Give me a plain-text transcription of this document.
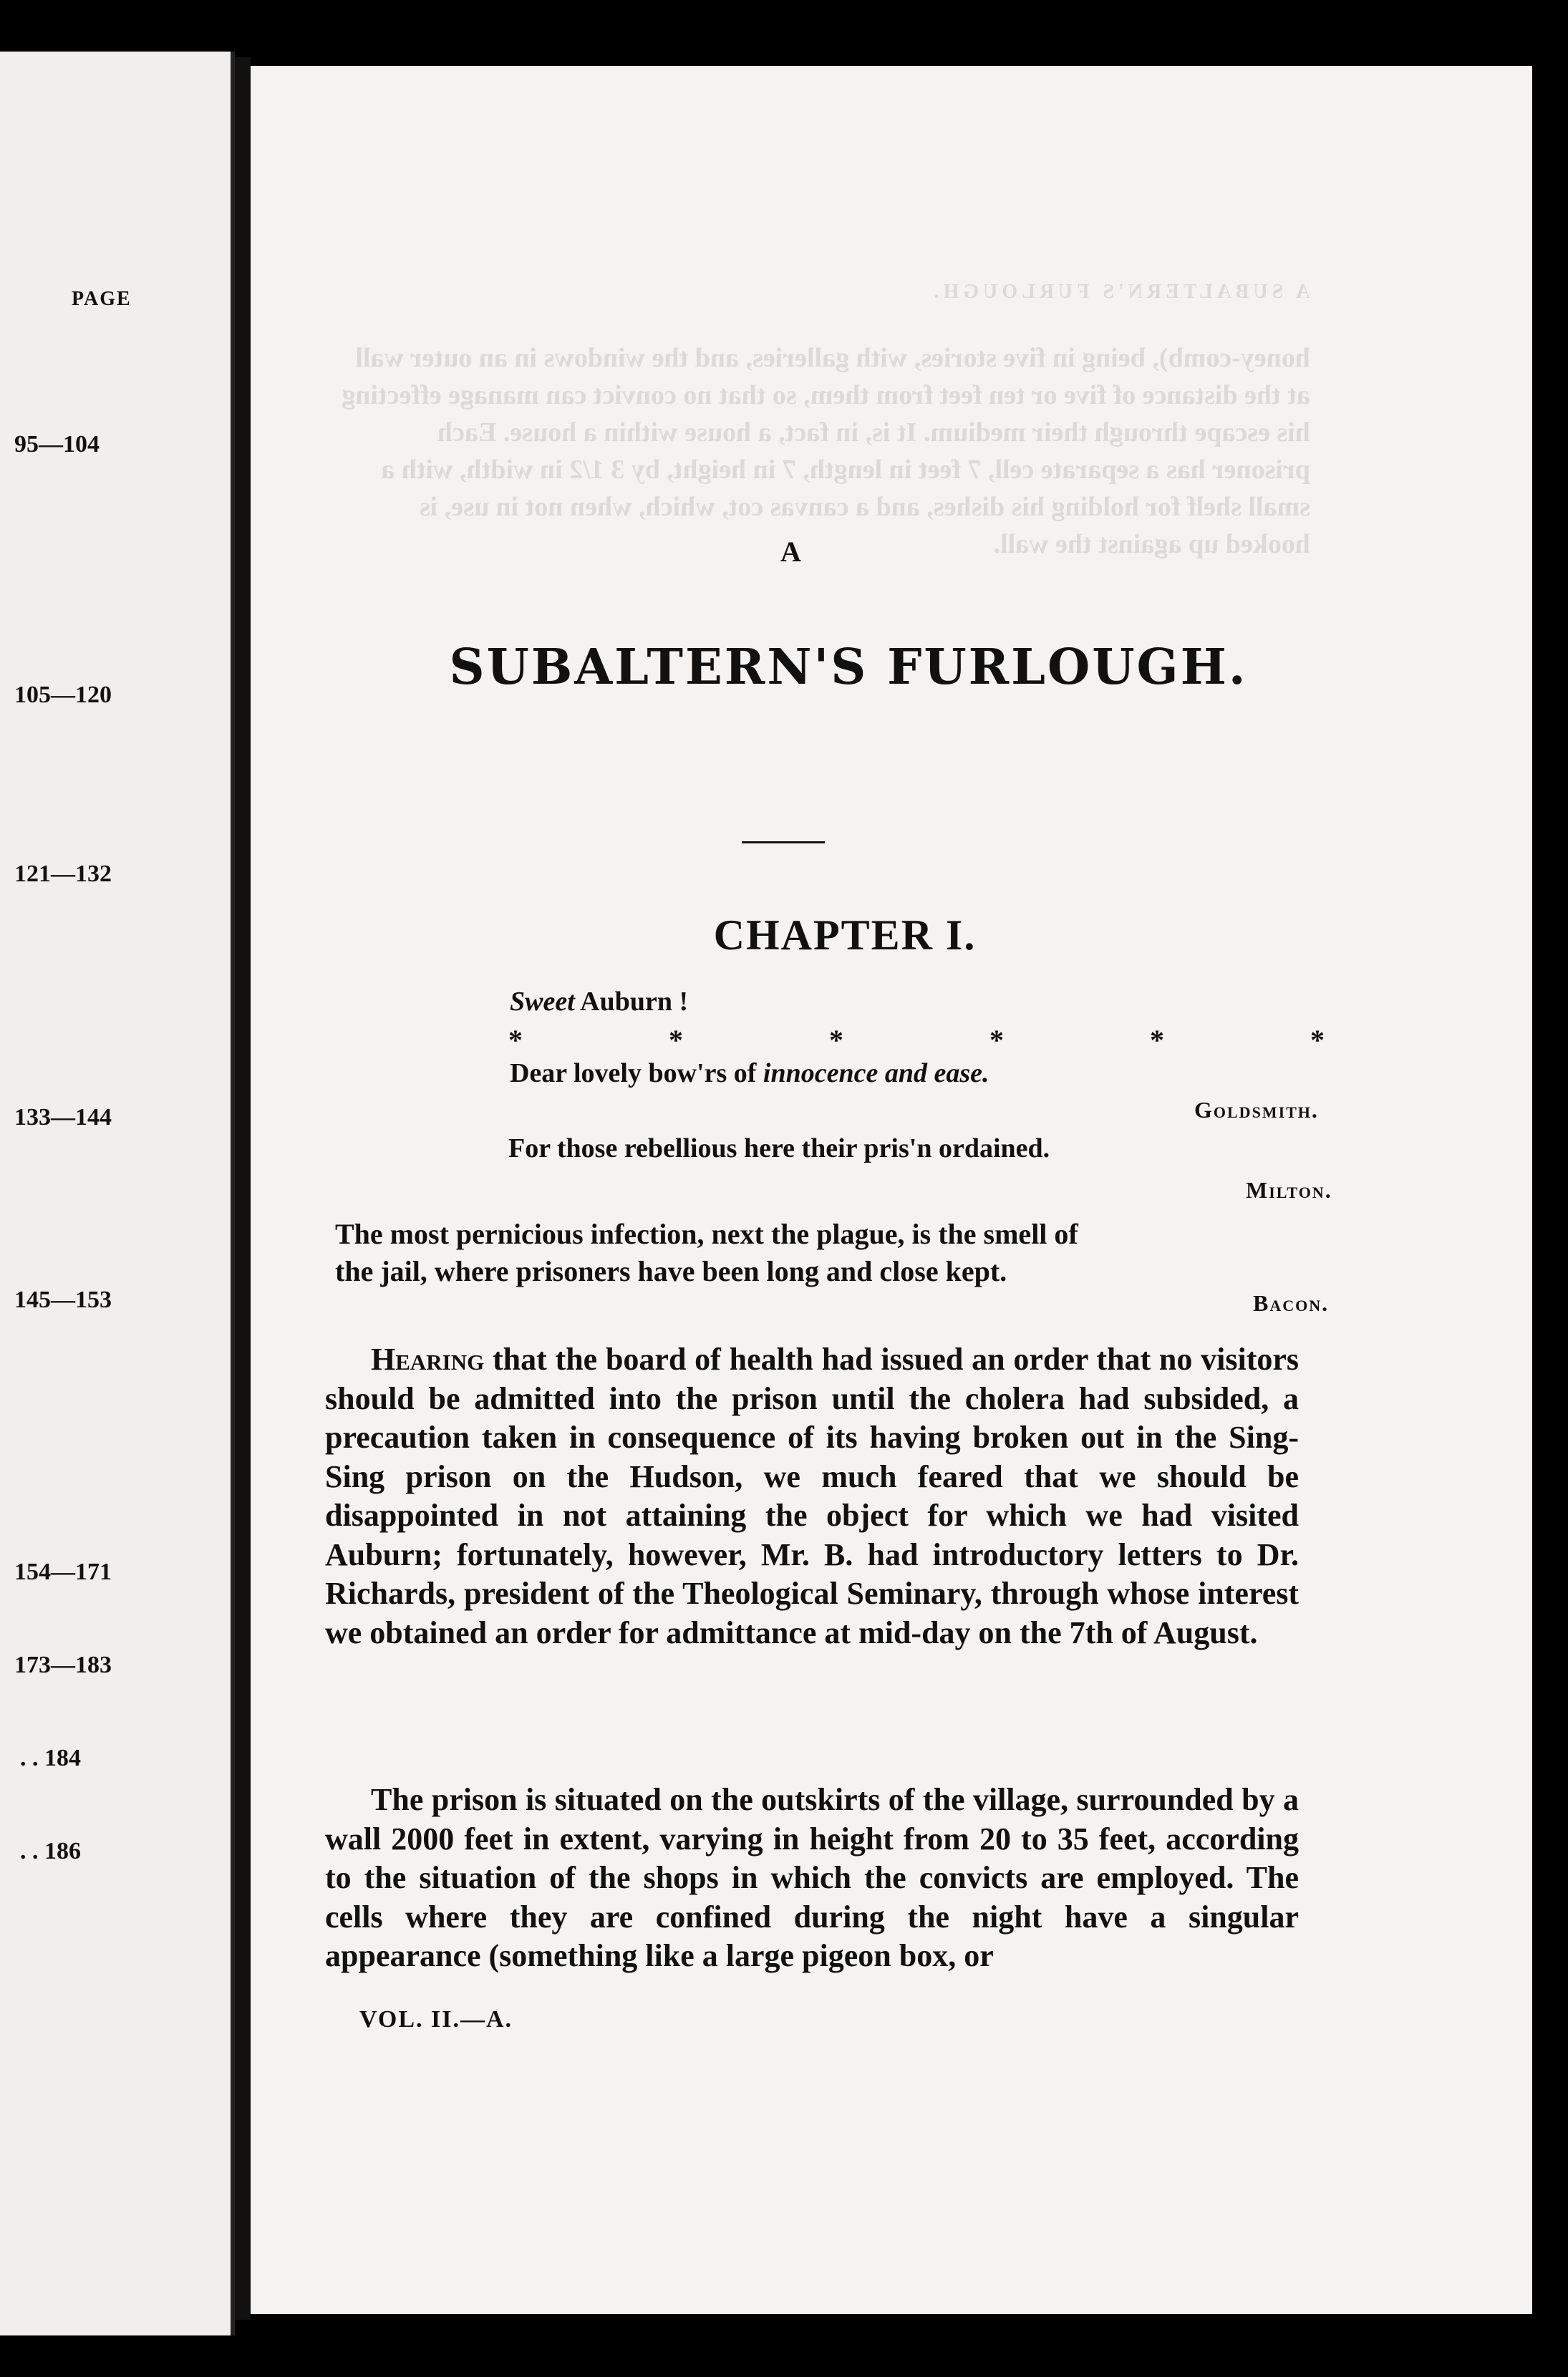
PAGE
95—104
105—120
121—132
133—144
145—153
154—171
173—183
. . 184
. . 186
A SUBALTERN'S FURLOUGH.
honey-comb), being in five stories, with galleries, and the windows in an outer wall at the distance of five or ten feet from them, so that no convict can manage effecting his escape through their medium. It is, in fact, a house within a house. Each prisoner has a separate cell, 7 feet in length, 7 in height, by 3 1/2 in width, with a small shelf for holding his dishes, and a canvas cot, which, when not in use, is hooked up against the wall.
A
SUBALTERN'S FURLOUGH.
CHAPTER I.
Sweet Auburn !
*	*	*	*	*	*
Dear lovely bow'rs of innocence and ease.
Goldsmith.
For those rebellious here their pris'n ordained.
Milton.
The most pernicious infection, next the plague, is the smell of
the jail, where prisoners have been long and close kept.
Bacon.
Hearing that the board of health had issued an order that no visitors should be admitted into the prison until the cholera had subsided, a precaution taken in consequence of its having broken out in the Sing-Sing prison on the Hudson, we much feared that we should be disappointed in not attaining the object for which we had visited Auburn; fortunately, however, Mr. B. had introductory letters to Dr. Richards, president of the Theological Seminary, through whose interest we obtained an order for admittance at mid-day on the 7th of August.
The prison is situated on the outskirts of the village, surrounded by a wall 2000 feet in extent, varying in height from 20 to 35 feet, according to the situation of the shops in which the convicts are employed. The cells where they are confined during the night have a singular appearance (something like a large pigeon box, or
VOL. II.—A.
